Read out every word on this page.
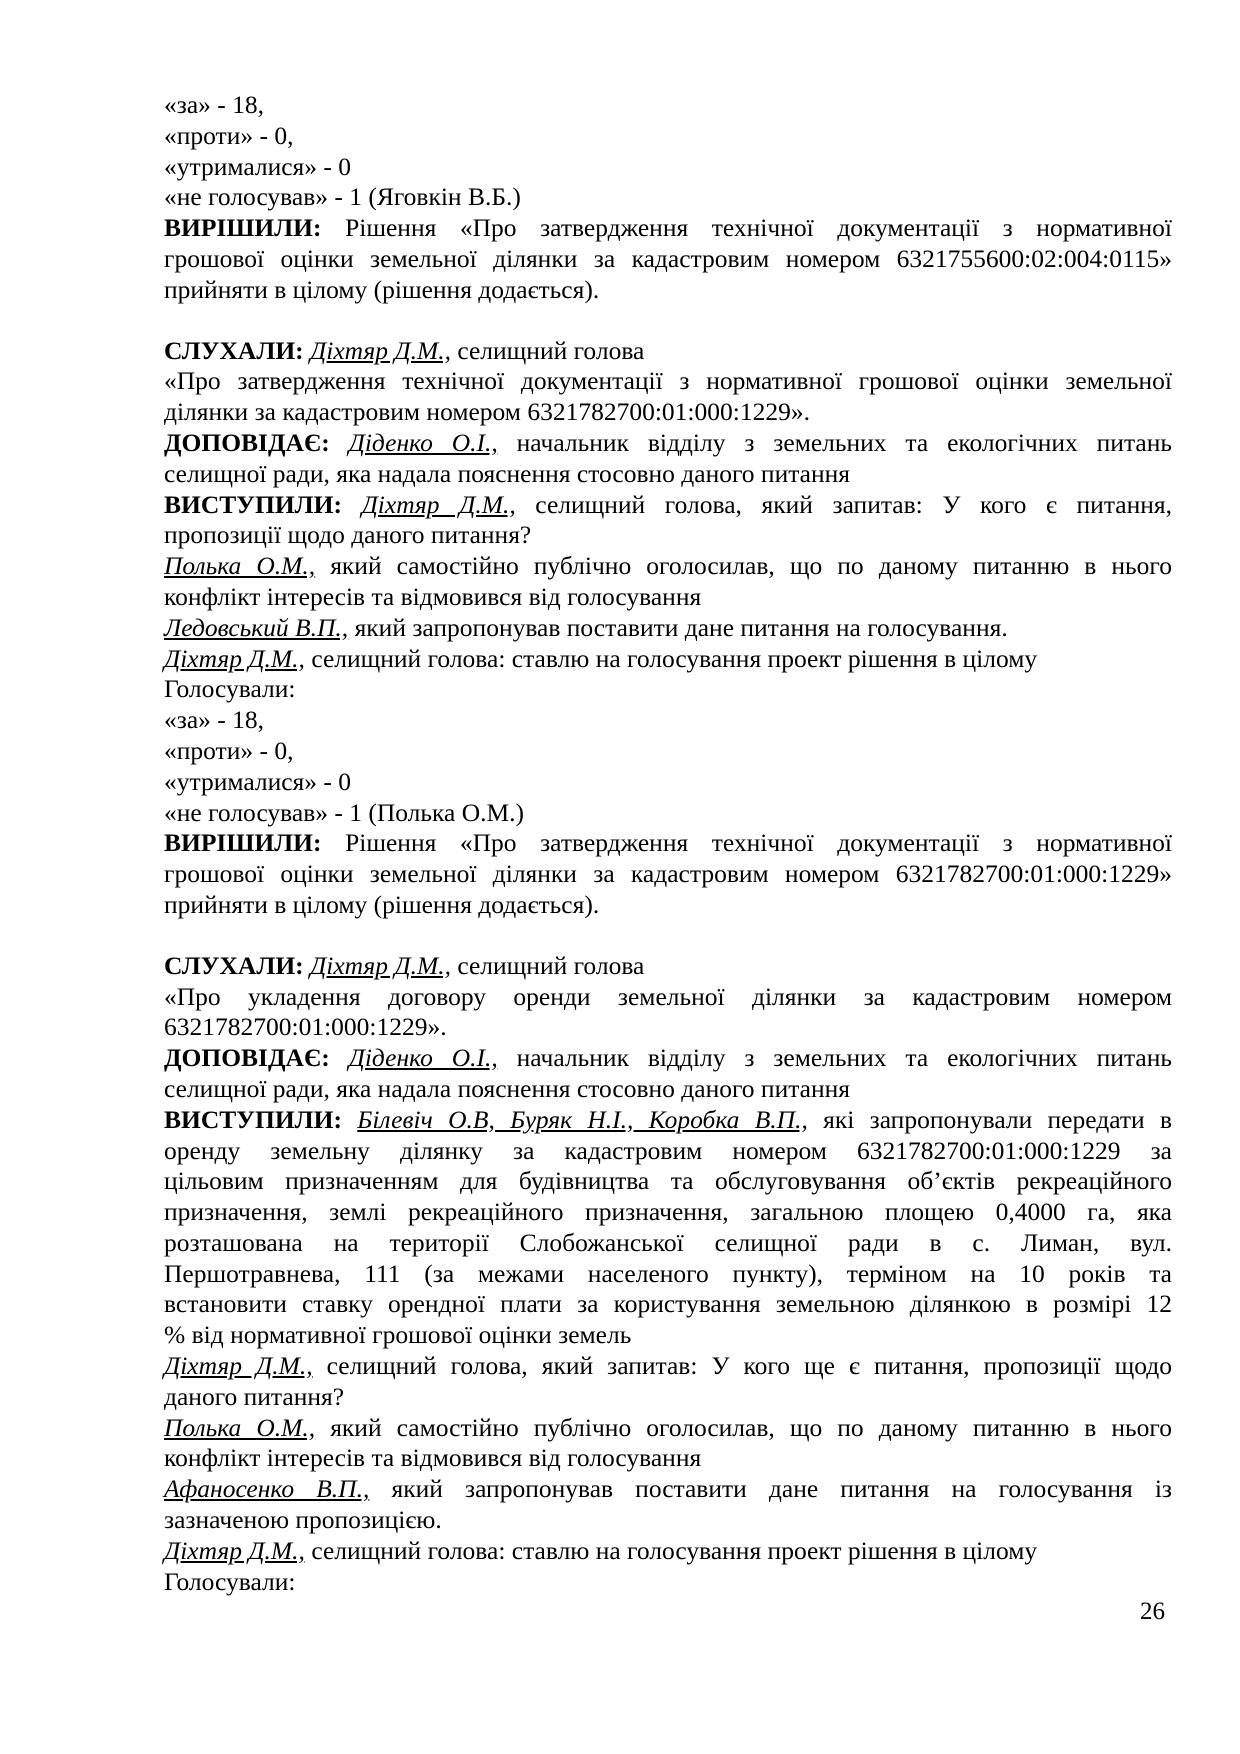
«за» - 18,
«проти» - 0,
«утрималися» - 0
«не голосував» - 1 (Яговкін В.Б.)
ВИРІШИЛИ: Рішення «Про затвердження технічної документації з нормативної
грошової оцінки земельної ділянки за кадастровим номером 6321755600:02:004:0115»
прийняти в цілому (рішення додається).
СЛУХАЛИ: Діхтяр Д.М., селищний голова
«Про затвердження технічної документації з нормативної грошової оцінки земельної
ділянки за кадастровим номером 6321782700:01:000:1229».
ДОПОВІДАЄ: Діденко О.І., начальник відділу з земельних та екологічних питань
селищної ради, яка надала пояснення стосовно даного питання
ВИСТУПИЛИ: Діхтяр Д.М., селищний голова, який запитав: У кого є питання,
пропозиції щодо даного питання?
Полька О.М., який самостійно публічно оголосилав, що по даному питанню в нього
конфлікт інтересів та відмовився від голосування
Ледовський В.П., який запропонував поставити дане питання на голосування.
Діхтяр Д.М., селищний голова: ставлю на голосування проект рішення в цілому
Голосували:
«за» - 18,
«проти» - 0,
«утрималися» - 0
«не голосував» - 1 (Полька О.М.)
ВИРІШИЛИ: Рішення «Про затвердження технічної документації з нормативної
грошової оцінки земельної ділянки за кадастровим номером 6321782700:01:000:1229»
прийняти в цілому (рішення додається).
СЛУХАЛИ: Діхтяр Д.М., селищний голова
«Про укладення договору оренди земельної ділянки за кадастровим номером
6321782700:01:000:1229».
ДОПОВІДАЄ: Діденко О.І., начальник відділу з земельних та екологічних питань
селищної ради, яка надала пояснення стосовно даного питання
ВИСТУПИЛИ: Білевіч О.В, Буряк Н.І., Коробка В.П., які запропонували передати в
оренду земельну ділянку за кадастровим номером 6321782700:01:000:1229 за
цільовим призначенням для будівництва та обслуговування об’єктів рекреаційного
призначення, землі рекреаційного призначення, загальною площею 0,4000 га, яка
розташована на території Слобожанської селищної ради в с. Лиман, вул.
Першотравнева, 111 (за межами населеного пункту), терміном на 10 років та
встановити ставку орендної плати за користування земельною ділянкою в розмірі 12
% від нормативної грошової оцінки земель
Діхтяр Д.М., селищний голова, який запитав: У кого ще є питання, пропозиції щодо
даного питання?
Полька О.М., який самостійно публічно оголосилав, що по даному питанню в нього
конфлікт інтересів та відмовився від голосування
Афаносенко В.П., який запропонував поставити дане питання на голосування із
зазначеною пропозицією.
Діхтяр Д.М., селищний голова: ставлю на голосування проект рішення в цілому
Голосували:
26
